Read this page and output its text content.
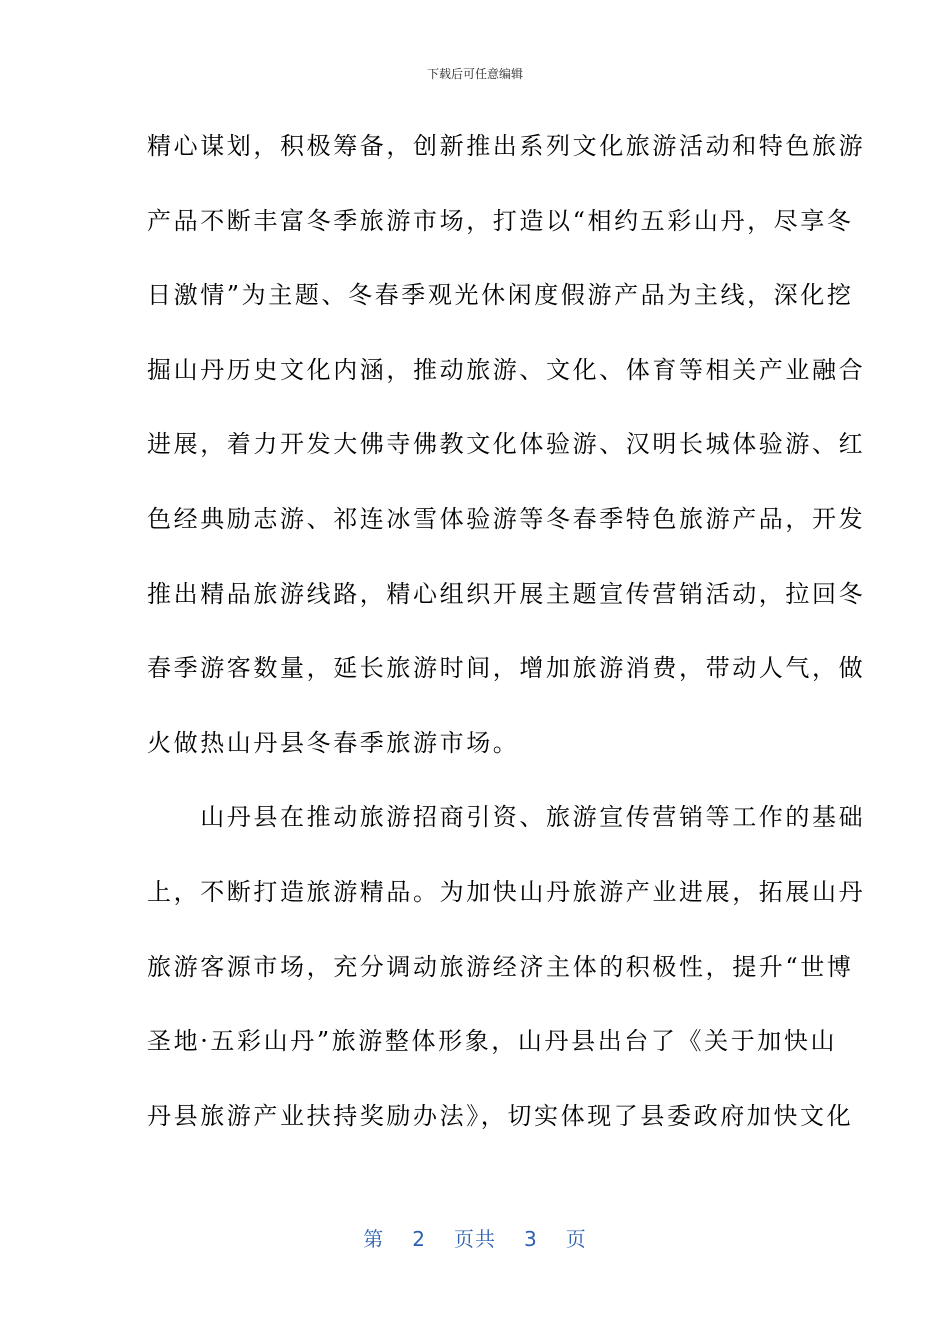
下载后可任意编辑
精心谋划，积极筹备，创新推出系列文化旅游活动和特色旅游
产品不断丰富冬季旅游市场，打造以“相约五彩山丹，尽享冬
日激情”为主题、冬春季观光休闲度假游产品为主线，深化挖
掘山丹历史文化内涵，推动旅游、文化、体育等相关产业融合
进展，着力开发大佛寺佛教文化体验游、汉明长城体验游、红
色经典励志游、祁连冰雪体验游等冬春季特色旅游产品，开发
推出精品旅游线路，精心组织开展主题宣传营销活动，拉回冬
春季游客数量，延长旅游时间，增加旅游消费，带动人气，做
火做热山丹县冬春季旅游市场。
　　山丹县在推动旅游招商引资、旅游宣传营销等工作的基础
上，不断打造旅游精品。为加快山丹旅游产业进展，拓展山丹
旅游客源市场，充分调动旅游经济主体的积极性，提升“世博
圣地·五彩山丹”旅游整体形象，山丹县出台了《关于加快山
丹县旅游产业扶持奖励办法》，切实体现了县委政府加快文化
第 2 页共 3 页
